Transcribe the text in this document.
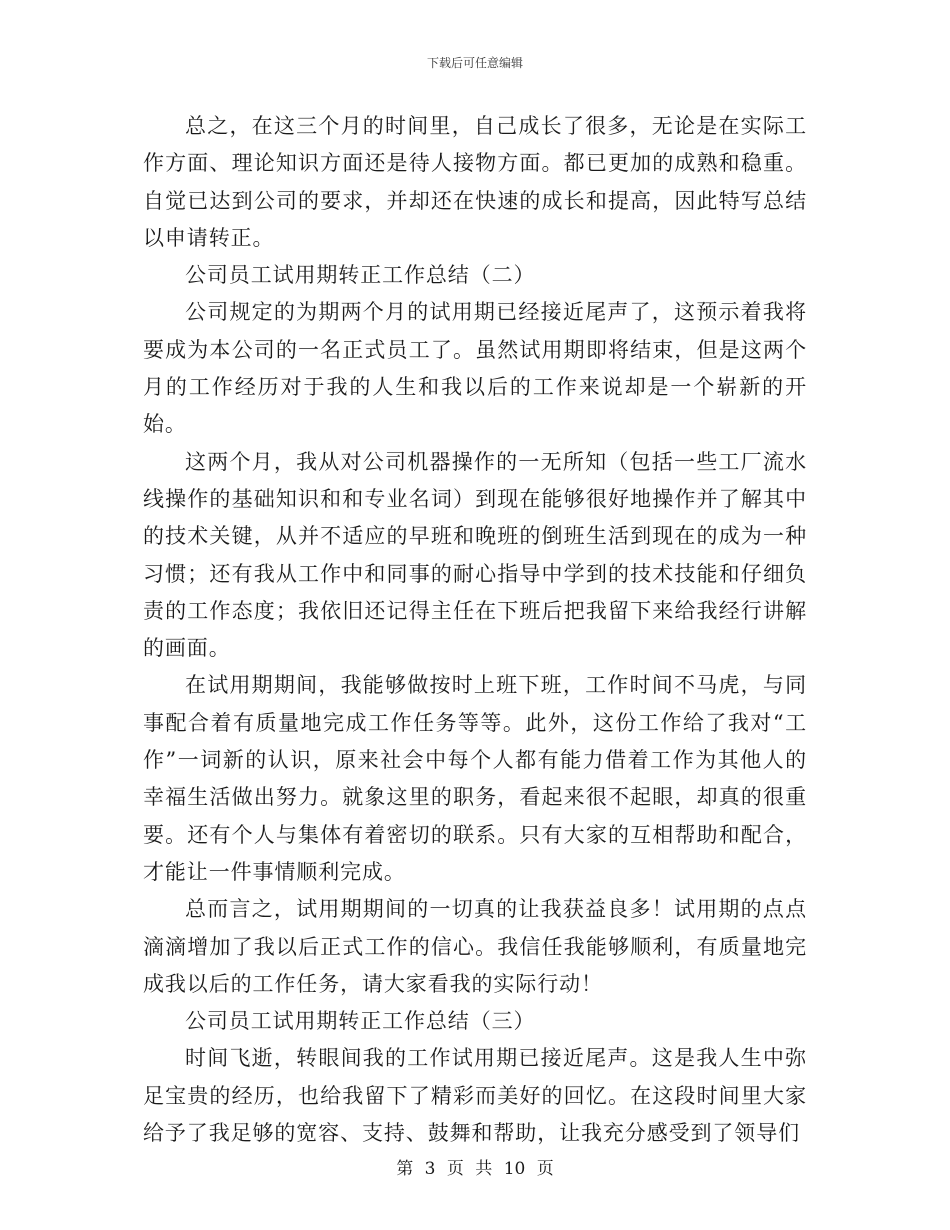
下载后可任意编辑

总之，在这三个月的时间里，自己成长了很多，无论是在实际工作方面、理论知识方面还是待人接物方面。都已更加的成熟和稳重。自觉已达到公司的要求，并却还在快速的成长和提高，因此特写总结以申请转正。

公司员工试用期转正工作总结（二）

公司规定的为期两个月的试用期已经接近尾声了，这预示着我将要成为本公司的一名正式员工了。虽然试用期即将结束，但是这两个月的工作经历对于我的人生和我以后的工作来说却是一个崭新的开始。

这两个月，我从对公司机器操作的一无所知（包括一些工厂流水线操作的基础知识和和专业名词）到现在能够很好地操作并了解其中的技术关键，从并不适应的早班和晚班的倒班生活到现在的成为一种习惯；还有我从工作中和同事的耐心指导中学到的技术技能和仔细负责的工作态度；我依旧还记得主任在下班后把我留下来给我经行讲解的画面。

在试用期期间，我能够做按时上班下班，工作时间不马虎，与同事配合着有质量地完成工作任务等等。此外，这份工作给了我对“工作”一词新的认识，原来社会中每个人都有能力借着工作为其他人的幸福生活做出努力。就象这里的职务，看起来很不起眼，却真的很重要。还有个人与集体有着密切的联系。只有大家的互相帮助和配合，才能让一件事情顺利完成。

总而言之，试用期期间的一切真的让我获益良多！试用期的点点滴滴增加了我以后正式工作的信心。我信任我能够顺利，有质量地完成我以后的工作任务，请大家看我的实际行动！

公司员工试用期转正工作总结（三）

时间飞逝，转眼间我的工作试用期已接近尾声。这是我人生中弥足宝贵的经历，也给我留下了精彩而美好的回忆。在这段时间里大家给予了我足够的宽容、支持、鼓舞和帮助，让我充分感受到了领导们

第 3 页 共 10 页
